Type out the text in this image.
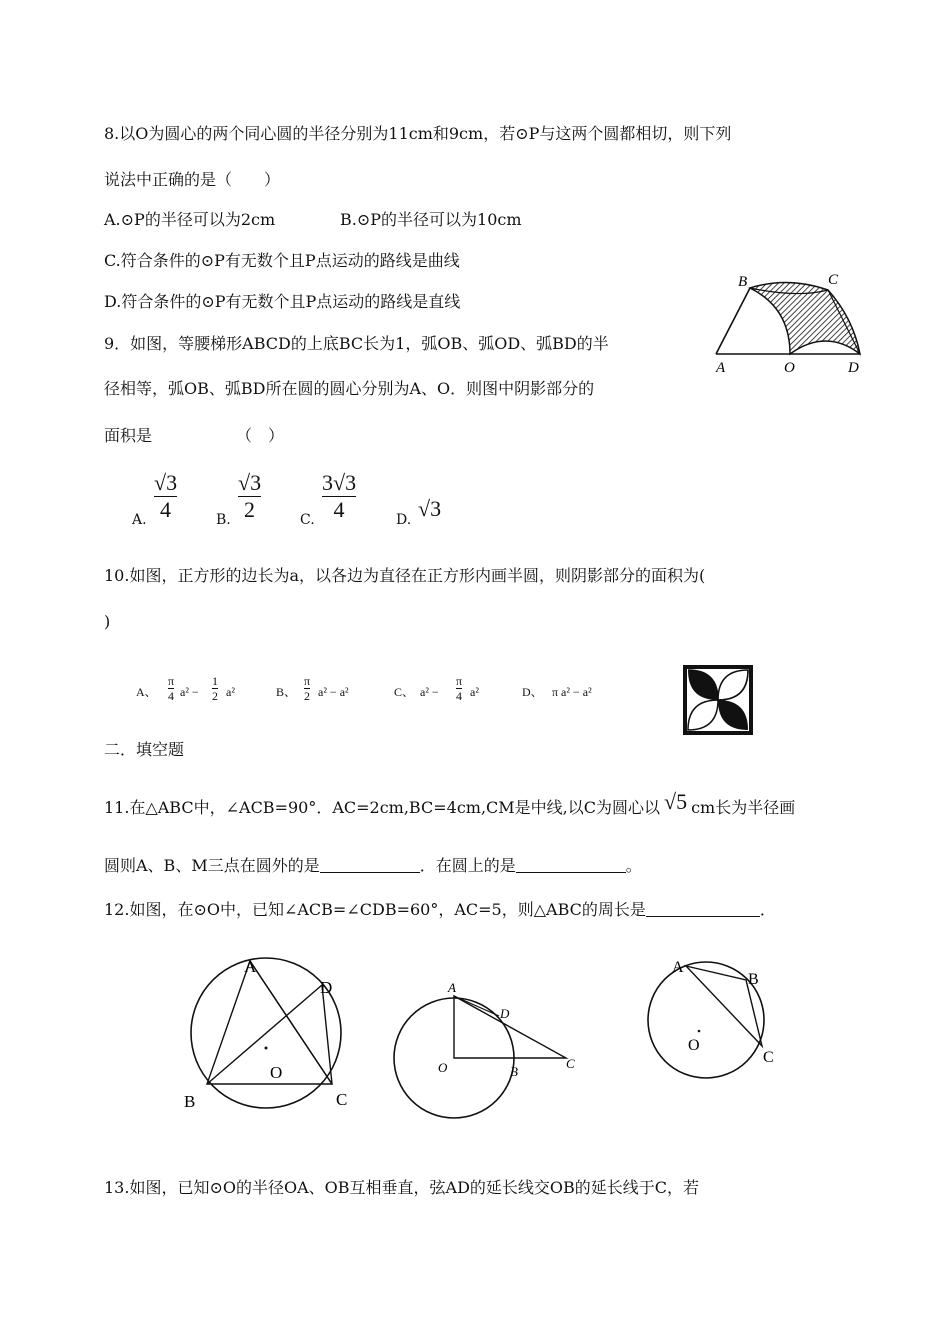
8.以O为圆心的两个同心圆的半径分别为11cm和9cm，若⊙P与这两个圆都相切，则下列
说法中正确的是（　　）
A.⊙P的半径可以为2cm	B.⊙P的半径可以为10cm
C.符合条件的⊙P有无数个且P点运动的路线是曲线
D.符合条件的⊙P有无数个且P点运动的路线是直线
B	C
A	O	D
9．如图，等腰梯形ABCD的上底BC长为1，弧OB、弧OD、弧BD的半
径相等，弧OB、弧BD所在圆的圆心分别为A、O．则图中阴影部分的
面积是	（　）
A.
√3
4	B.
√3
2	C.
3√3
4	D. √3
10.如图，正方形的边长为a，以各边为直径在正方形内画半圆，则阴影部分的面积为(
)
A、
π
4 a² −
1
2 a²	B、
π
2 a² − a²	C、 a² −
π
4 a²	D、 π a² − a²
二．填空题
11.在△ABC中，∠ACB=90°．AC=2cm,BC=4cm,CM是中线,以C为圆心以 √5 cm长为半径画
圆则A、B、M三点在圆外的是	．在圆上的是	。
12.如图，在⊙O中，已知∠ACB=∠CDB=60°，AC=5，则△ABC的周长是	．
A
D
O
B	C
A
D
O	B
C
A
B
O
C
13.如图，已知⊙O的半径OA、OB互相垂直，弦AD的延长线交OB的延长线于C，若
